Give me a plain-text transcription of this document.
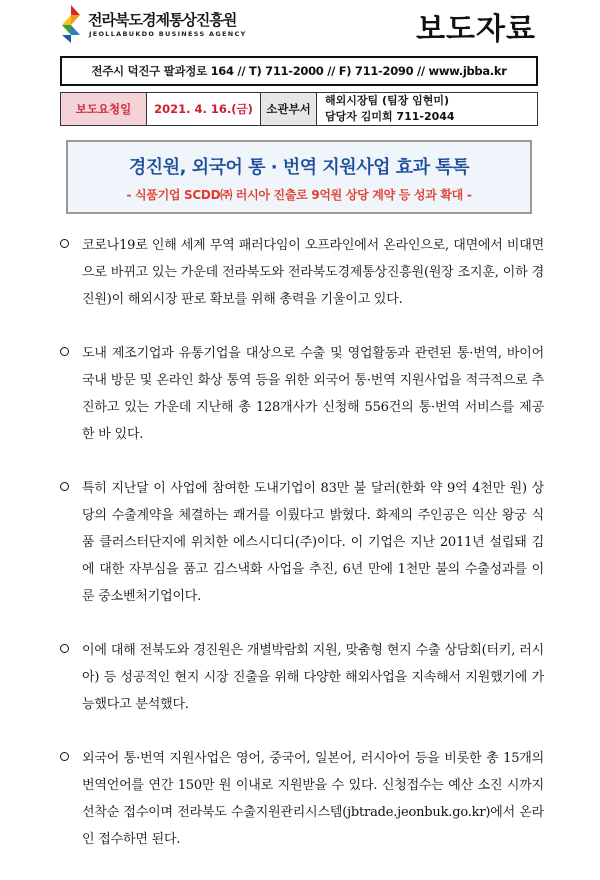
전라북도경제통상진흥원
JEOLLABUKDO BUSINESS AGENCY	보도자료
전주시 덕진구 팔과정로 164 // T) 711-2000 // F) 711-2090 // www.jbba.kr
보도요청일	2021. 4. 16.(금)	소관부서
해외시장팀 (팀장 임현미)
담당자 김미희 711-2044
경진원, 외국어 통 · 번역 지원사업 효과 톡톡
- 식품기업 SCDD㈜ 러시아 진출로 9억원 상당 계약 등 성과 확대 -
코로나19로 인해 세계 무역 패러다임이 오프라인에서 온라인으로, 대면에서 비대면으로 바뀌고 있는 가운데 전라북도와 전라북도경제통상진흥원(원장 조지훈, 이하 경진원)이 해외시장 판로 확보를 위해 총력을 기울이고 있다.
도내 제조기업과 유통기업을 대상으로 수출 및 영업활동과 관련된 통·번역, 바이어 국내 방문 및 온라인 화상 통역 등을 위한 외국어 통·번역 지원사업을 적극적으로 추진하고 있는 가운데 지난해 총 128개사가 신청해 556건의 통·번역 서비스를 제공한 바 있다.
특히 지난달 이 사업에 참여한 도내기업이 83만 불 달러(한화 약 9억 4천만 원) 상당의 수출계약을 체결하는 쾌거를 이뤘다고 밝혔다. 화제의 주인공은 익산 왕궁 식품 클러스터단지에 위치한 에스시디디(주)이다. 이 기업은 지난 2011년 설립돼 김에 대한 자부심을 품고 김스낵화 사업을 추진, 6년 만에 1천만 불의 수출성과를 이룬 중소벤처기업이다.
이에 대해 전북도와 경진원은 개별박람회 지원, 맞춤형 현지 수출 상담회(터키, 러시아) 등 성공적인 현지 시장 진출을 위해 다양한 해외사업을 지속해서 지원했기에 가능했다고 분석했다.
외국어 통·번역 지원사업은 영어, 중국어, 일본어, 러시아어 등을 비롯한 총 15개의 번역언어를 연간 150만 원 이내로 지원받을 수 있다. 신청접수는 예산 소진 시까지 선착순 접수이며 전라북도 수출지원관리시스템(jbtrade.jeonbuk.go.kr)에서 온라인 접수하면 된다.
